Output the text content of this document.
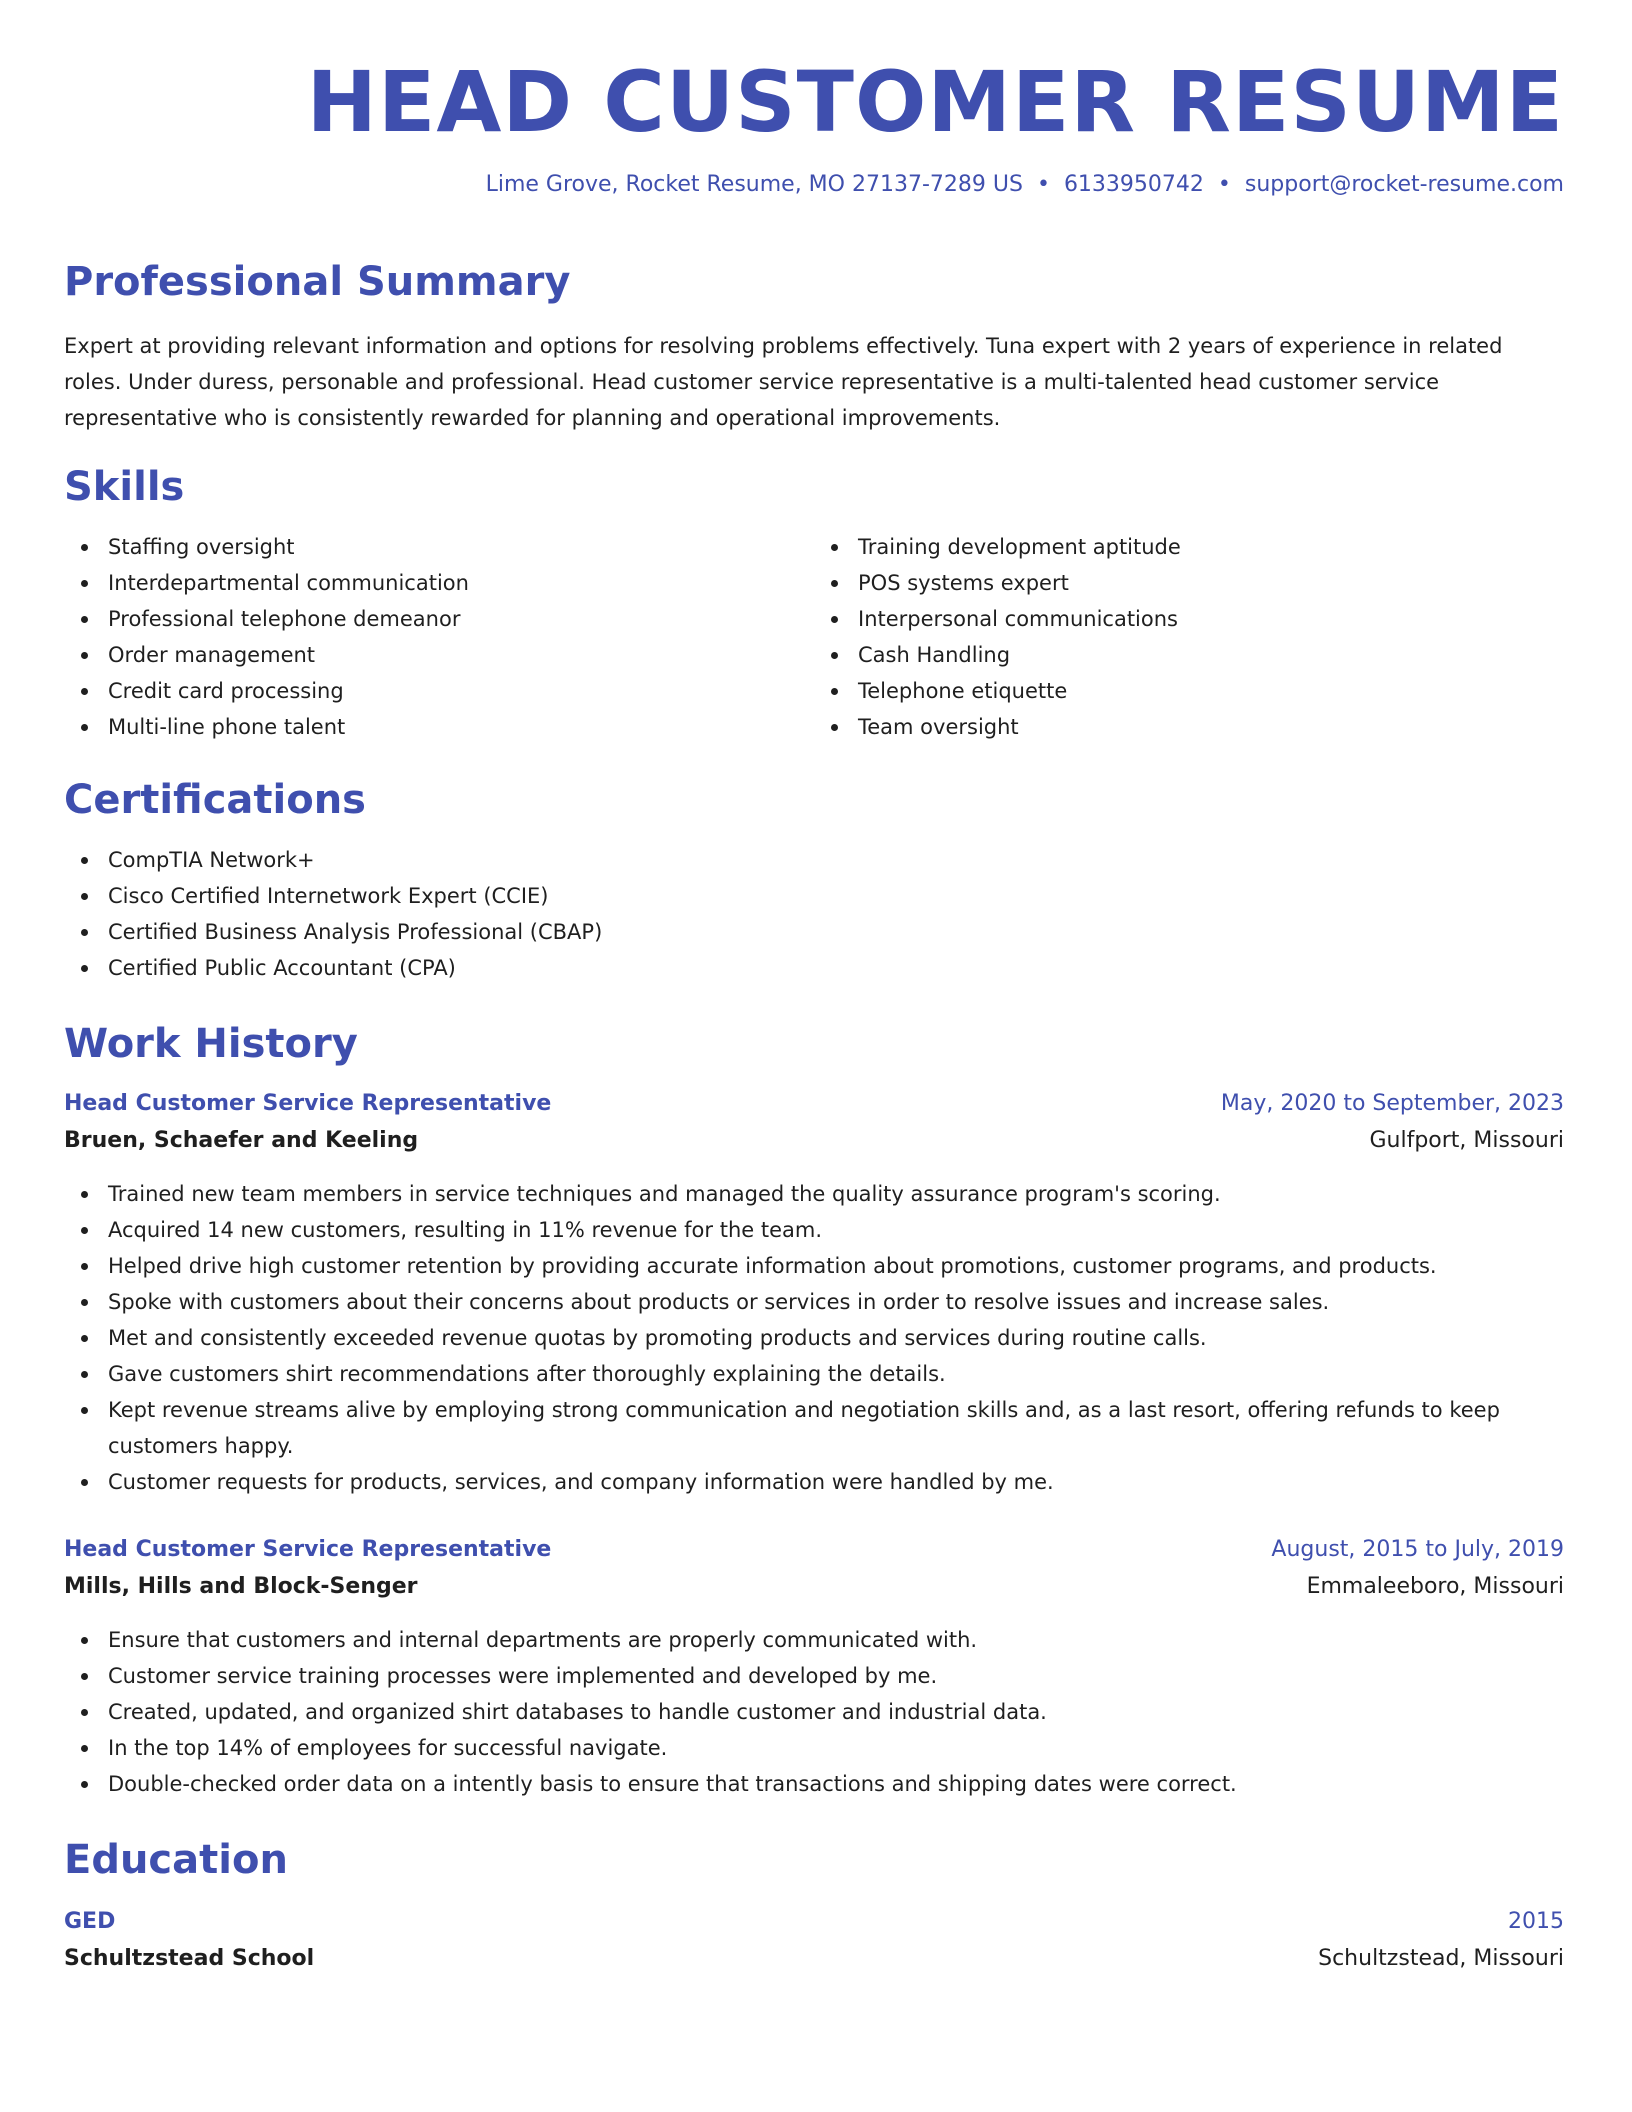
HEAD CUSTOMER RESUME
Lime Grove, Rocket Resume, MO 27137-7289 US • 6133950742 • support@rocket-resume.com
Professional Summary
Expert at providing relevant information and options for resolving problems effectively. Tuna expert with 2 years of experience in related roles. Under duress, personable and professional. Head customer service representative is a multi-talented head customer service representative who is consistently rewarded for planning and operational improvements.
Skills
Staffing oversight
Interdepartmental communication
Professional telephone demeanor
Order management
Credit card processing
Multi-line phone talent
Training development aptitude
POS systems expert
Interpersonal communications
Cash Handling
Telephone etiquette
Team oversight
Certifications
CompTIA Network+
Cisco Certified Internetwork Expert (CCIE)
Certified Business Analysis Professional (CBAP)
Certified Public Accountant (CPA)
Work History
Head Customer Service Representative	May, 2020 to September, 2023
Bruen, Schaefer and Keeling	Gulfport, Missouri
Trained new team members in service techniques and managed the quality assurance program's scoring.
Acquired 14 new customers, resulting in 11% revenue for the team.
Helped drive high customer retention by providing accurate information about promotions, customer programs, and products.
Spoke with customers about their concerns about products or services in order to resolve issues and increase sales.
Met and consistently exceeded revenue quotas by promoting products and services during routine calls.
Gave customers shirt recommendations after thoroughly explaining the details.
Kept revenue streams alive by employing strong communication and negotiation skills and, as a last resort, offering refunds to keep customers happy.
Customer requests for products, services, and company information were handled by me.
Head Customer Service Representative	August, 2015 to July, 2019
Mills, Hills and Block-Senger	Emmaleeboro, Missouri
Ensure that customers and internal departments are properly communicated with.
Customer service training processes were implemented and developed by me.
Created, updated, and organized shirt databases to handle customer and industrial data.
In the top 14% of employees for successful navigate.
Double-checked order data on a intently basis to ensure that transactions and shipping dates were correct.
Education
GED	2015
Schultzstead School	Schultzstead, Missouri
